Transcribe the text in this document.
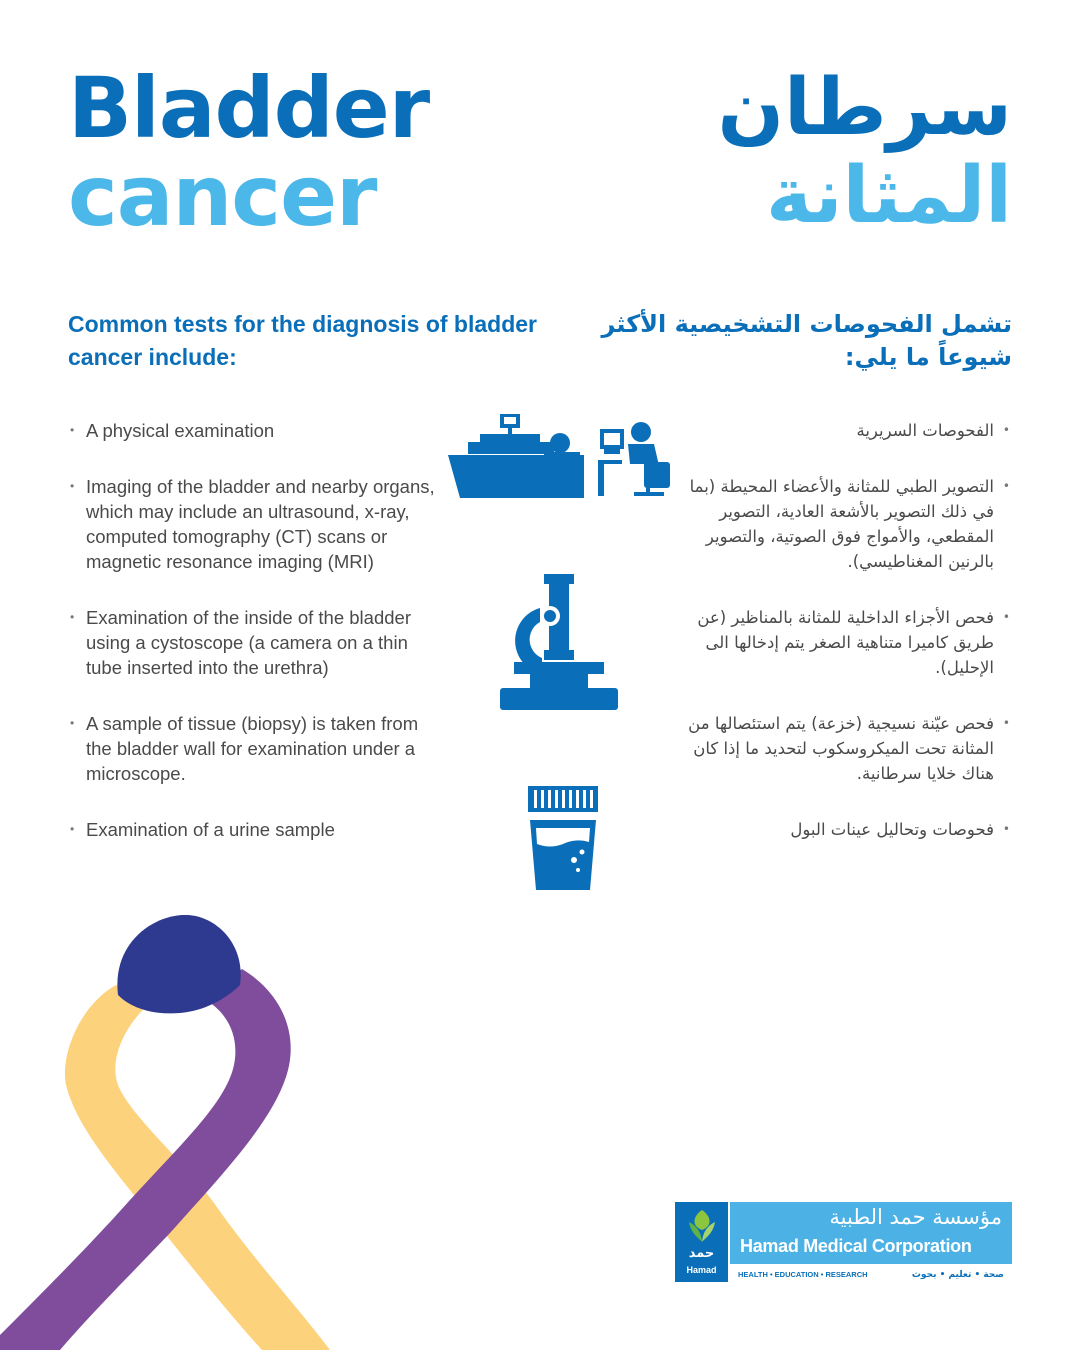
Bladder
cancer
سرطان
المثانة
Common tests for the diagnosis of bladder cancer include:
تشمل الفحوصات التشخيصية الأكثر شيوعاً ما يلي:
• A physical examination
• Imaging of the bladder and nearby organs, which may include an ultrasound, x-ray, computed tomography (CT) scans or magnetic resonance imaging (MRI)
• Examination of the inside of the bladder using a cystoscope (a camera on a thin tube inserted into the urethra)
• A sample of tissue (biopsy) is taken from the bladder wall for examination under a microscope.
• Examination of a urine sample
• الفحوصات السريرية
• التصوير الطبي للمثانة والأعضاء المحيطة (بما في ذلك التصوير بالأشعة العادية، التصوير المقطعي، والأمواج فوق الصوتية، والتصوير بالرنين المغناطيسي).
• فحص الأجزاء الداخلية للمثانة بالمناظير (عن طريق كاميرا متناهية الصغر يتم إدخالها الى الإحليل).
• فحص عيّنة نسيجية (خزعة) يتم استئصالها من المثانة تحت الميكروسكوب لتحديد ما إذا كان هناك خلايا سرطانية.
• فحوصات وتحاليل عينات البول
حمد
Hamad
مؤسسة حمد الطبية
Hamad Medical Corporation
HEALTH • EDUCATION • RESEARCH	صحة • تعليم • بحوث
